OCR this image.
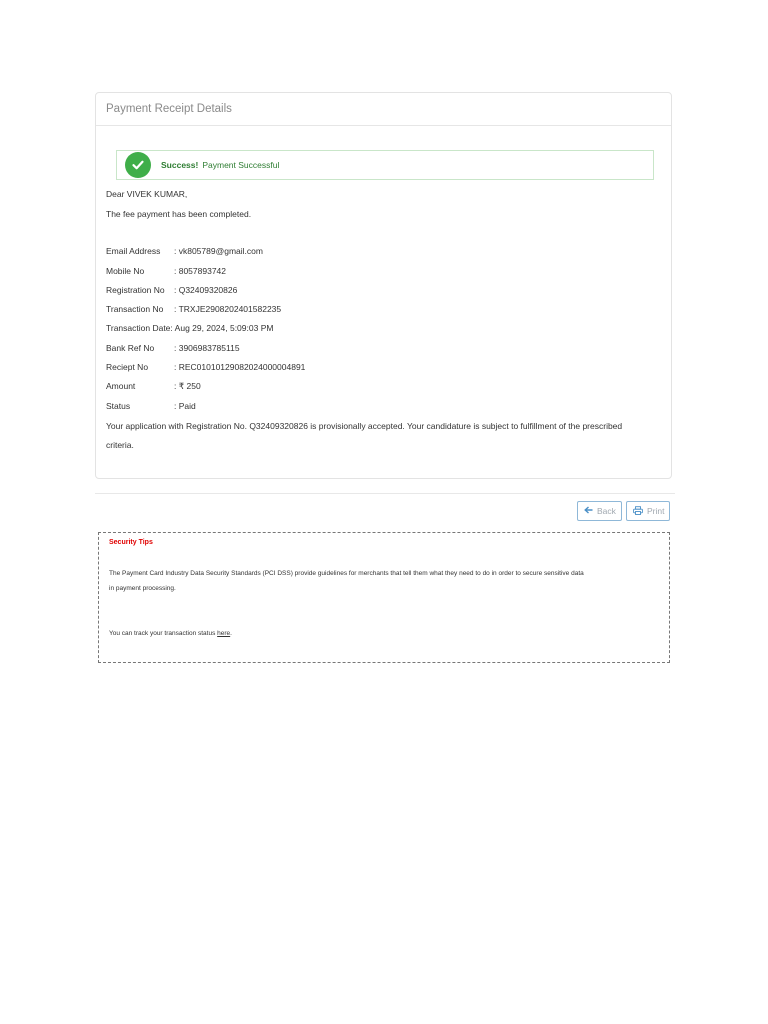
Payment Receipt Details
Success! Payment Successful
Dear VIVEK KUMAR,
The fee payment has been completed.
Email Address : vk805789@gmail.com
Mobile No	: 8057893742
Registration No : Q32409320826
Transaction No : TRXJE2908202401582235
Transaction Date: Aug 29, 2024, 5:09:03 PM
Bank Ref No : 3906983785115
Reciept No	: REC01010129082024000004891
Amount	: ₹ 250
Status	: Paid
Your application with Registration No. Q32409320826 is provisionally accepted. Your candidature is subject to fulfillment of the prescribed
criteria.
Back	Print
Security Tips
The Payment Card Industry Data Security Standards (PCI DSS) provide guidelines for merchants that tell them what they need to do in order to secure sensitive data
in payment processing.
You can track your transaction status here.
